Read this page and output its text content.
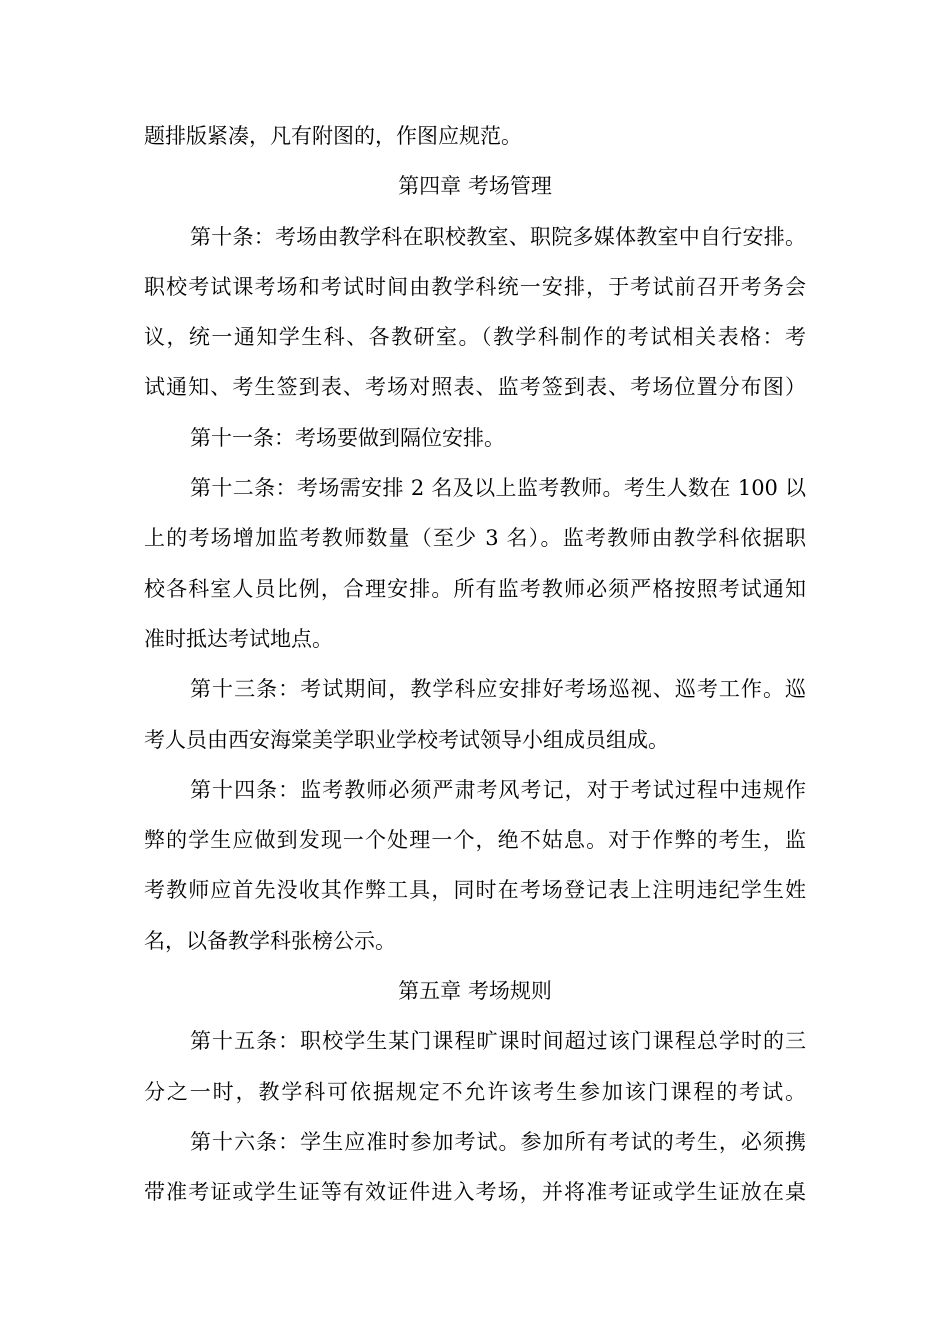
题排版紧凑，凡有附图的，作图应规范。
第四章 考场管理
第十条：考场由教学科在职校教室、职院多媒体教室中自行安排。
职校考试课考场和考试时间由教学科统一安排，于考试前召开考务会
议，统一通知学生科、各教研室。（教学科制作的考试相关表格：考
试通知、考生签到表、考场对照表、监考签到表、考场位置分布图）
第十一条：考场要做到隔位安排。
第十二条：考场需安排 2 名及以上监考教师。考生人数在 100 以
上的考场增加监考教师数量（至少 3 名）。监考教师由教学科依据职
校各科室人员比例，合理安排。所有监考教师必须严格按照考试通知
准时抵达考试地点。
第十三条：考试期间，教学科应安排好考场巡视、巡考工作。巡
考人员由西安海棠美学职业学校考试领导小组成员组成。
第十四条：监考教师必须严肃考风考记，对于考试过程中违规作
弊的学生应做到发现一个处理一个，绝不姑息。对于作弊的考生，监
考教师应首先没收其作弊工具，同时在考场登记表上注明违纪学生姓
名，以备教学科张榜公示。
第五章 考场规则
第十五条：职校学生某门课程旷课时间超过该门课程总学时的三
分之一时，教学科可依据规定不允许该考生参加该门课程的考试。
第十六条：学生应准时参加考试。参加所有考试的考生，必须携
带准考证或学生证等有效证件进入考场，并将准考证或学生证放在桌
